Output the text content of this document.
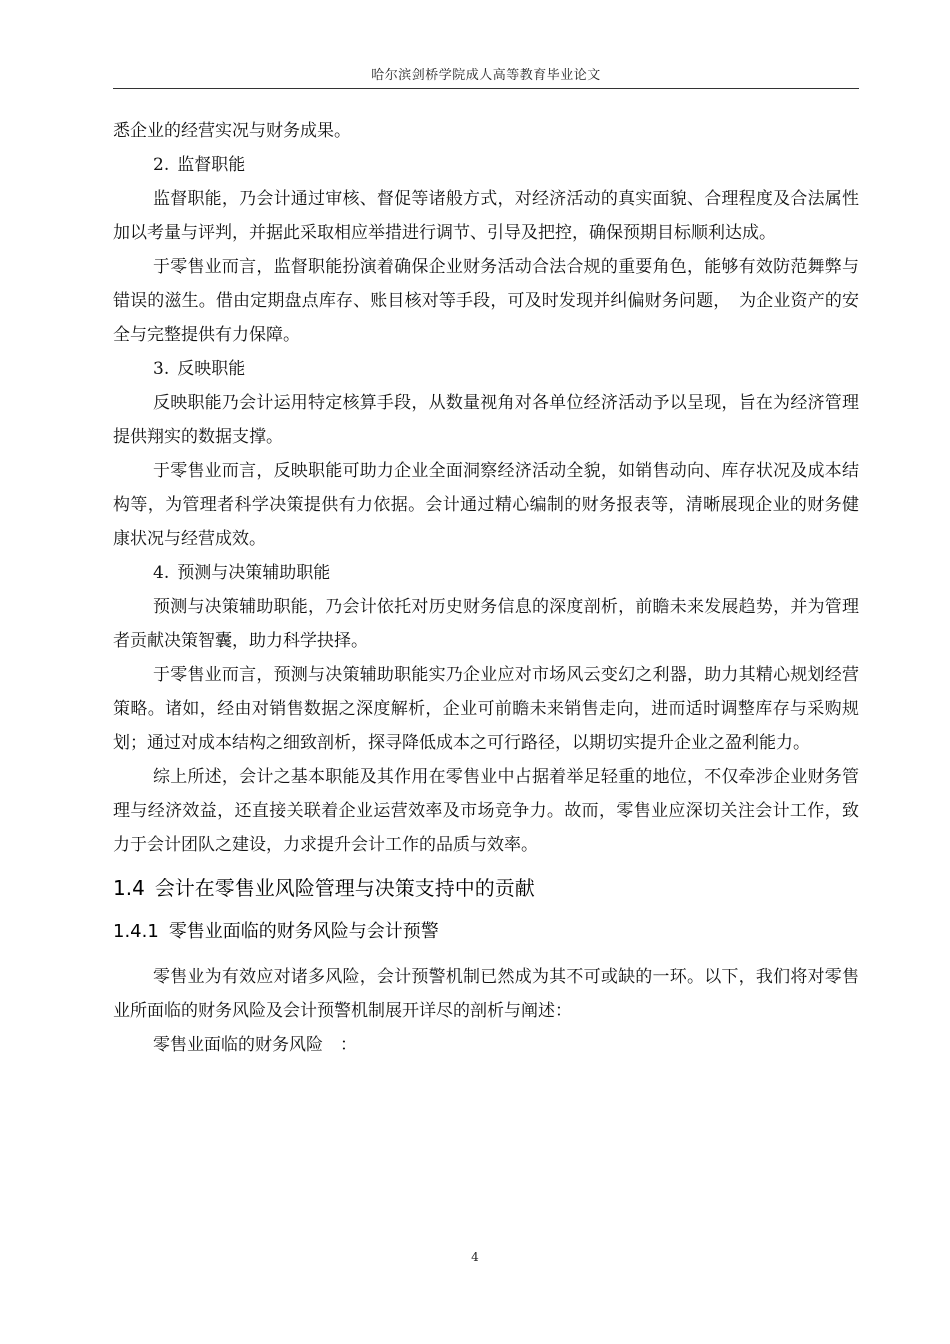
哈尔滨剑桥学院成人高等教育毕业论文

悉企业的经营实况与财务成果。

2. 监督职能

监督职能，乃会计通过审核、督促等诸般方式，对经济活动的真实面貌、合理程度及合法属性加以考量与评判，并据此采取相应举措进行调节、引导及把控，确保预期目标顺利达成。

于零售业而言，监督职能扮演着确保企业财务活动合法合规的重要角色，能够有效防范舞弊与错误的滋生。借由定期盘点库存、账目核对等手段，可及时发现并纠偏财务问题，　为企业资产的安全与完整提供有力保障。

3. 反映职能

反映职能乃会计运用特定核算手段，从数量视角对各单位经济活动予以呈现，旨在为经济管理提供翔实的数据支撑。

于零售业而言，反映职能可助力企业全面洞察经济活动全貌，如销售动向、库存状况及成本结构等，为管理者科学决策提供有力依据。会计通过精心编制的财务报表等，清晰展现企业的财务健康状况与经营成效。

4. 预测与决策辅助职能

预测与决策辅助职能，乃会计依托对历史财务信息的深度剖析，前瞻未来发展趋势，并为管理者贡献决策智囊，助力科学抉择。

于零售业而言，预测与决策辅助职能实乃企业应对市场风云变幻之利器，助力其精心规划经营策略。诸如，经由对销售数据之深度解析，企业可前瞻未来销售走向，进而适时调整库存与采购规划；通过对成本结构之细致剖析，探寻降低成本之可行路径，以期切实提升企业之盈利能力。

综上所述，会计之基本职能及其作用在零售业中占据着举足轻重的地位，不仅牵涉企业财务管理与经济效益，还直接关联着企业运营效率及市场竞争力。故而，零售业应深切关注会计工作，致力于会计团队之建设，力求提升会计工作的品质与效率。

1.4 会计在零售业风险管理与决策支持中的贡献
1.4.1 零售业面临的财务风险与会计预警

零售业为有效应对诸多风险，会计预警机制已然成为其不可或缺的一环。以下，我们将对零售业所面临的财务风险及会计预警机制展开详尽的剖析与阐述：

零售业面临的财务风险　：

4
